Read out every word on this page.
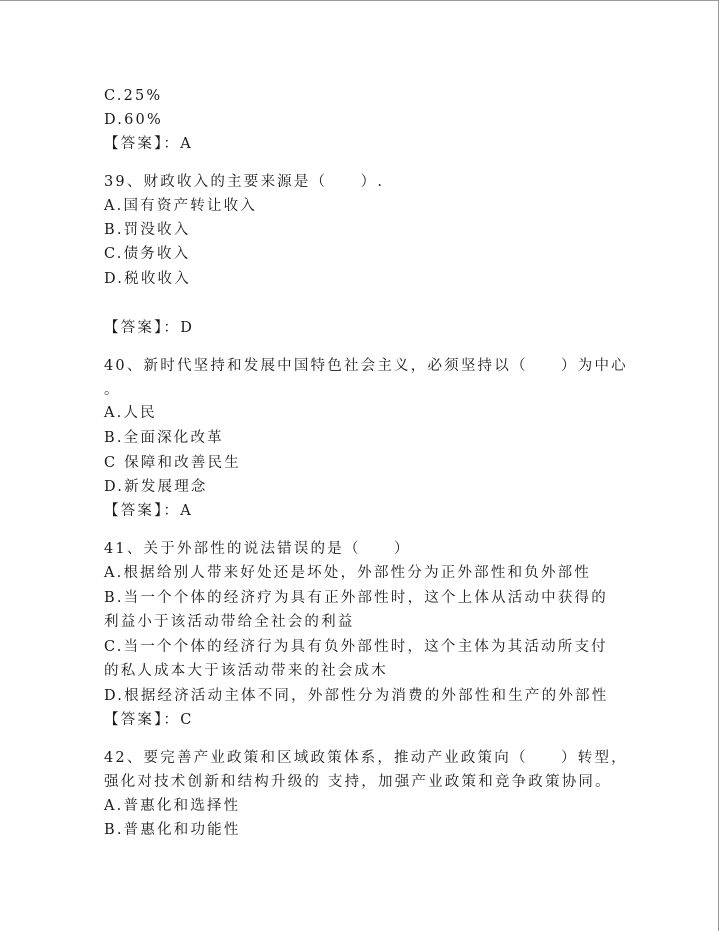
C.25%
D.60%
【答案】：A
39、财政收入的主要来源是（　　）.
A.国有资产转让收入
B.罚没收入
C.债务收入
D.税收收入
【答案】：D
40、新时代坚持和发展中国特色社会主义，必须坚持以（　　）为中心
。
A.人民
B.全面深化改革
C 保障和改善民生
D.新发展理念
【答案】：A
41、关于外部性的说法错误的是（　　）
A.根据给别人带来好处还是坏处，外部性分为正外部性和负外部性
B.当一个个体的经济疗为具有正外部性时，这个上体从活动中获得的
利益小于该活动带给全社会的利益
C.当一个个体的经济行为具有负外部性时，这个主体为其活动所支付
的私人成本大于该活动带来的社会成木
D.根据经济活动主体不同，外部性分为消费的外部性和生产的外部性
【答案】：C
42、要完善产业政策和区域政策体系，推动产业政策向（　　）转型，
强化对技术创新和结构升级的 支持，加强产业政策和竞争政策协同。
A.普惠化和选择性
B.普惠化和功能性
